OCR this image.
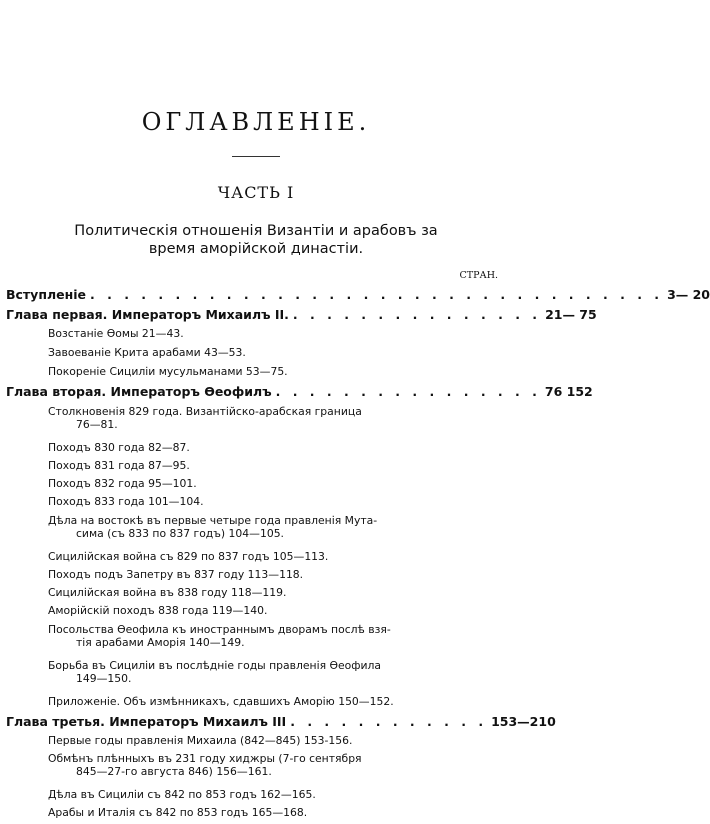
ОГЛАВЛЕНІЕ.
ЧАСТЬ I
Политическія отношенія Византіи и арабовъ за
время аморійской династіи.
СТРАН.
Вступленіе . . . . . . . . . . . . . . . . . . . . . . . . . . . . . . . . . . 3— 20
Глава первая. Императоръ Михаилъ II. . . . . . . . . . . . . . . . 21— 75
Возстаніе Ѳомы 21—43.
Завоеваніе Крита арабами 43—53.
Покореніе Сициліи мусульманами 53—75.
Глава вторая. Императоръ Ѳеофилъ . . . . . . . . . . . . . . . . 76 152
Столкновенія 829 года. Византійско-арабская граница
76—81.
Походъ 830 года 82—87.
Походъ 831 года 87—95.
Походъ 832 года 95—101.
Походъ 833 года 101—104.
Дѣла на востокѣ въ первые четыре года правленія Мута-
сима (съ 833 по 837 годъ) 104—105.
Сицилійская война съ 829 по 837 годъ 105—113.
Походъ подъ Запетру въ 837 году 113—118.
Сицилійская война въ 838 году 118—119.
Аморійскій походъ 838 года 119—140.
Посольства Ѳеофила къ иностраннымъ дворамъ послѣ взя-
тія арабами Аморія 140—149.
Борьба въ Сициліи въ послѣдніе годы правленія Ѳеофила
149—150.
Приложеніе. Объ измѣнникахъ, сдавшихъ Аморію 150—152.
Глава третья. Императоръ Михаилъ III . . . . . . . . . . . . 153—210
Первые годы правленія Михаила (842—845) 153-156.
Обмѣнъ плѣнныхъ въ 231 году хиджры (7-го сентября
845—27-го августа 846) 156—161.
Дѣла въ Сициліи съ 842 по 853 годъ 162—165.
Арабы и Италія съ 842 по 853 годъ 165—168.
